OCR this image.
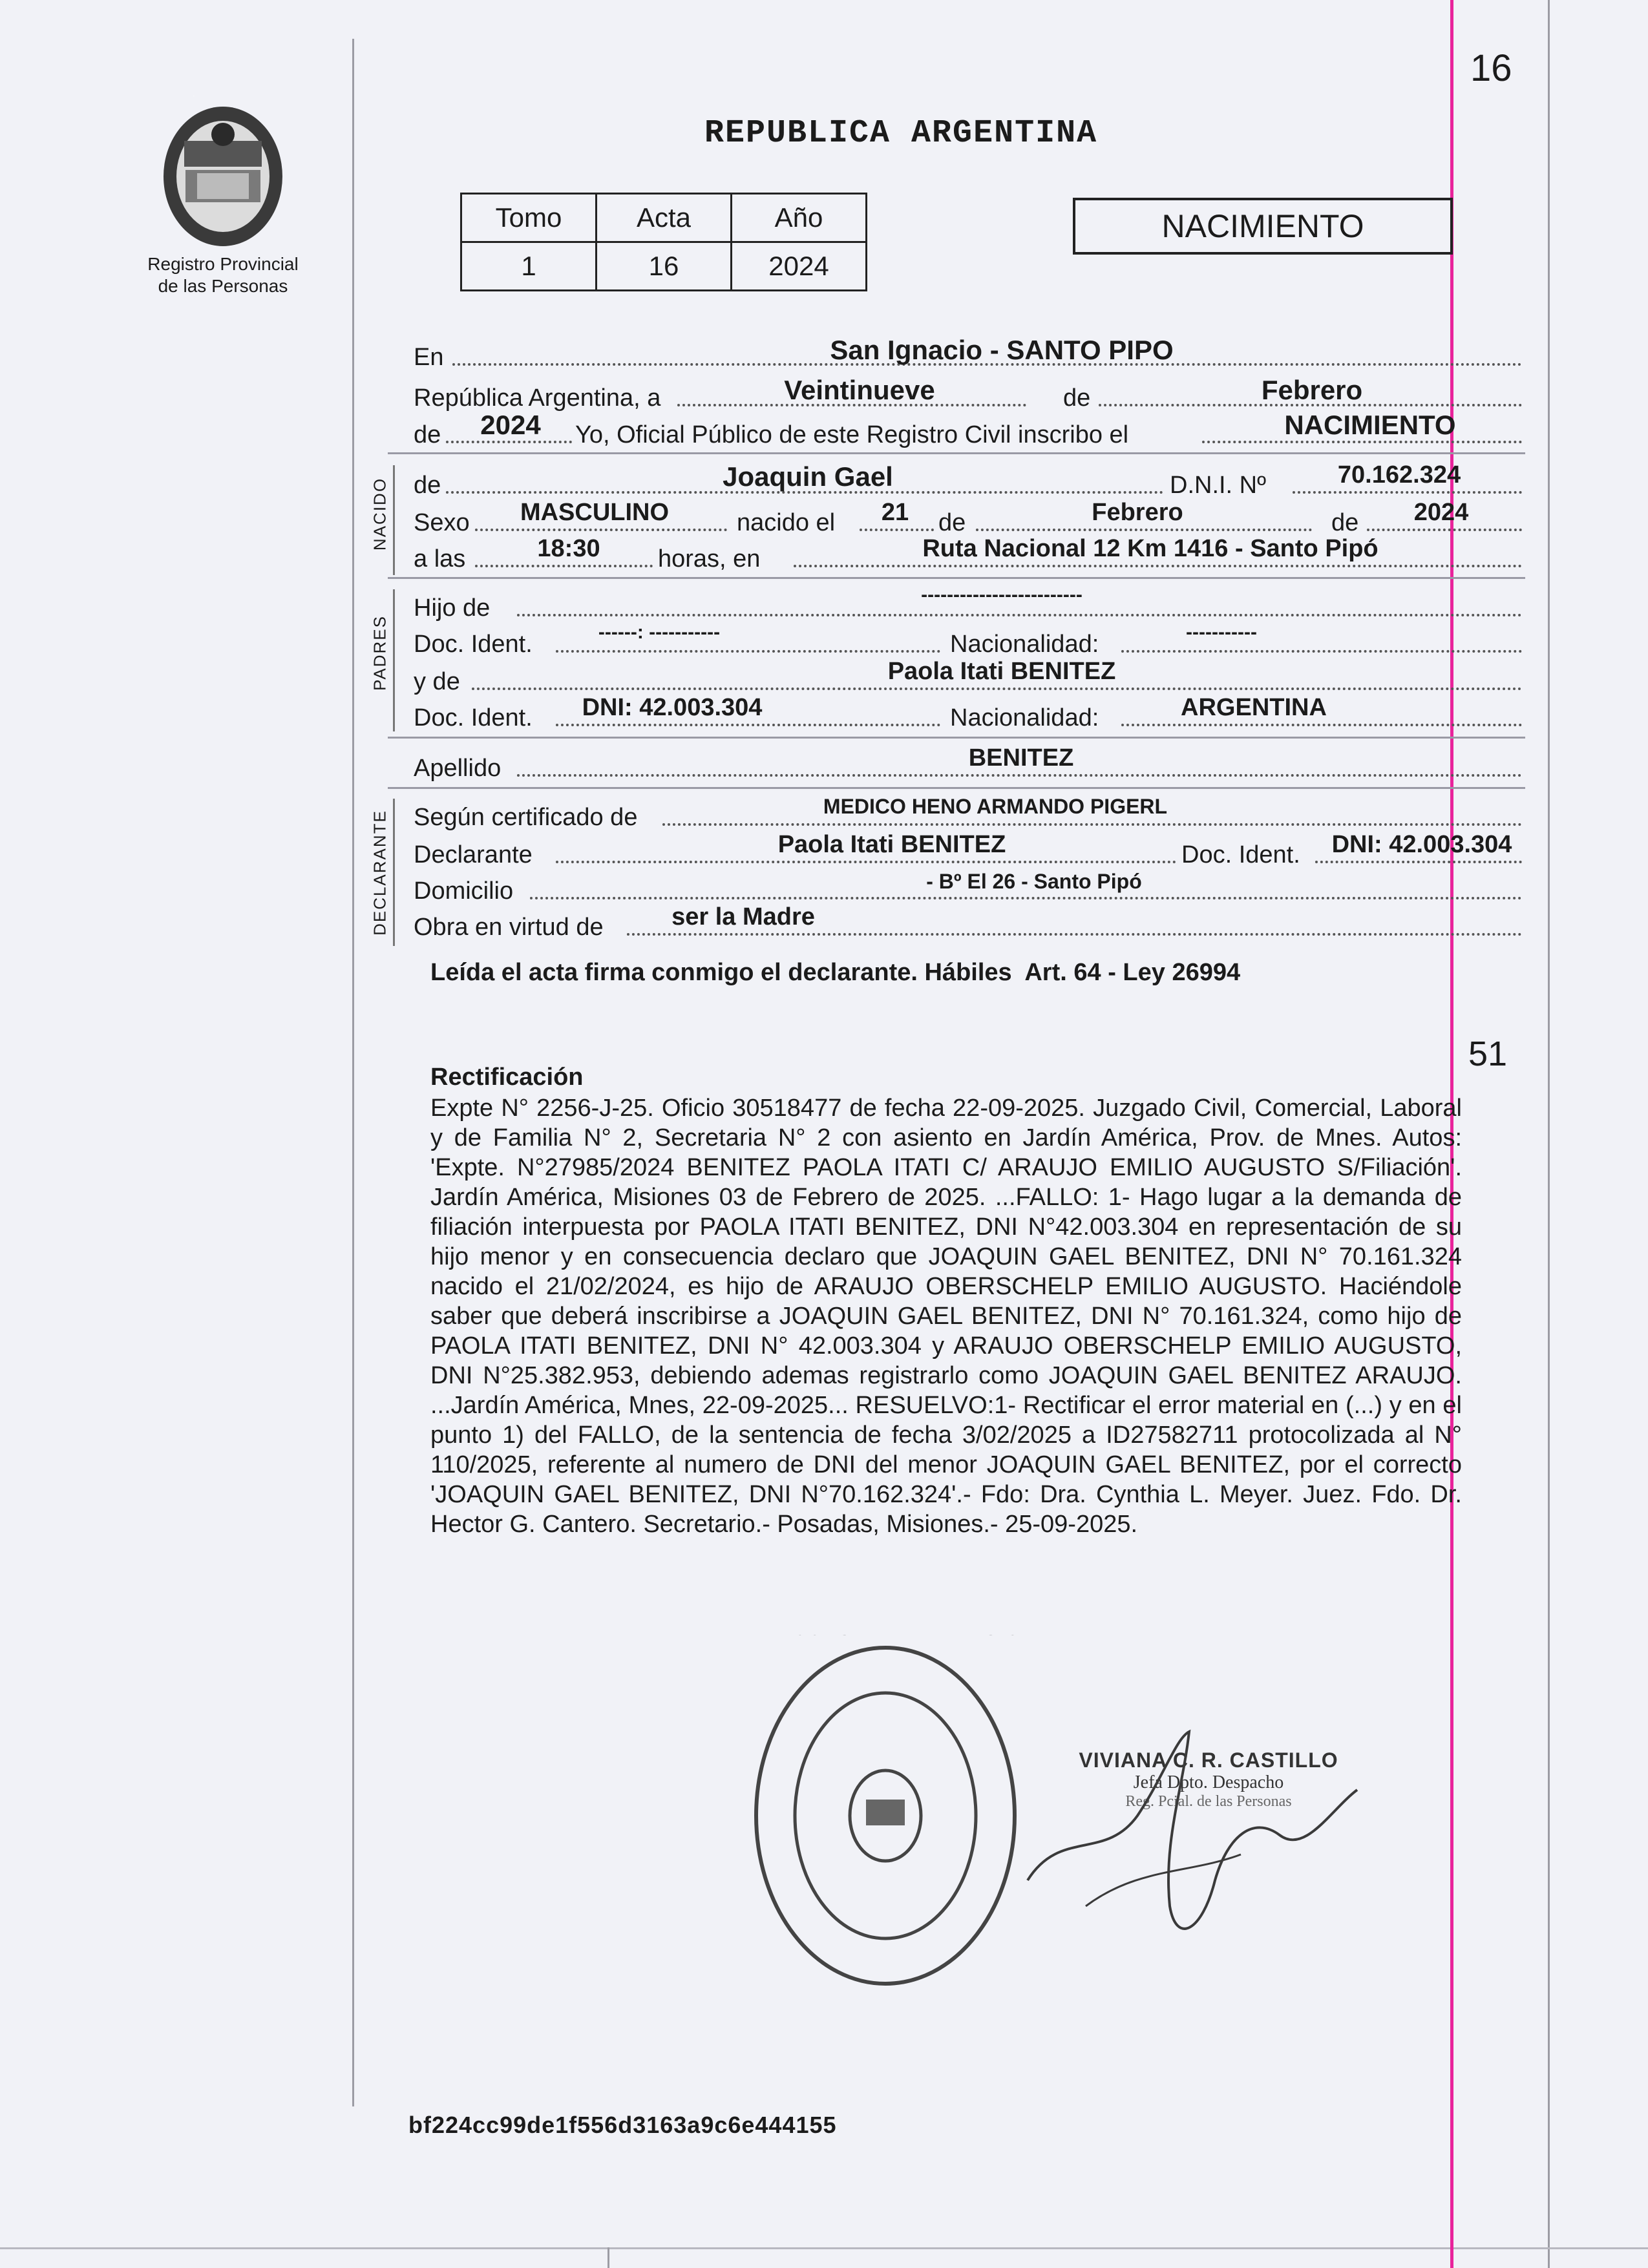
16
51
Registro Provincial
de las Personas
REPUBLICA ARGENTINA
Tomo	Acta	Año
1	16	2024
NACIMIENTO
En	San Ignacio - SANTO PIPO
República Argentina, a	Veintinueve	de	Febrero
de	2024	Yo, Oficial Público de este Registro Civil inscribo el	NACIMIENTO
NACIDO de	Joaquin Gael	D.N.I. Nº	70.162.324
Sexo	MASCULINO	nacido el	21	de	Febrero	de	2024
a las	18:30	horas, en	Ruta Nacional 12 Km 1416 - Santo Pipó
PADRES
Hijo de	-------------------------
Doc. Ident.	------: -----------	Nacionalidad:	-----------
y de	Paola Itati BENITEZ
Doc. Ident.	DNI: 42.003.304	Nacionalidad:	ARGENTINA
Apellido	BENITEZ
DECLARANTE Según certificado de	MEDICO HENO ARMANDO PIGERL
Declarante	Paola Itati BENITEZ	Doc. Ident.	DNI: 42.003.304
Domicilio	- Bº El 26 - Santo Pipó
Obra en virtud de	ser la Madre
Leída el acta firma conmigo el declarante. Hábiles  Art. 64 - Ley 26994
Rectificación
Expte N° 2256-J-25. Oficio 30518477 de fecha 22-09-2025. Juzgado Civil, Comercial, Laboral y de Familia N° 2, Secretaria N° 2 con asiento en Jardín América, Prov. de Mnes. Autos: 'Expte. N°27985/2024 BENITEZ PAOLA ITATI C/ ARAUJO EMILIO AUGUSTO S/Filiación'. Jardín América, Misiones 03 de Febrero de 2025. ...FALLO: 1- Hago lugar a la demanda de filiación interpuesta por PAOLA ITATI BENITEZ, DNI N°42.003.304 en representación de su hijo menor y en consecuencia declaro que JOAQUIN GAEL BENITEZ, DNI N° 70.161.324 nacido el 21/02/2024, es hijo de ARAUJO OBERSCHELP EMILIO AUGUSTO. Haciéndole saber que deberá inscribirse a JOAQUIN GAEL BENITEZ, DNI N° 70.161.324, como hijo de PAOLA ITATI BENITEZ, DNI N° 42.003.304 y ARAUJO OBERSCHELP EMILIO AUGUSTO, DNI N°25.382.953, debiendo ademas registrarlo como JOAQUIN GAEL BENITEZ ARAUJO. ...Jardín América, Mnes, 22-09-2025... RESUELVO:1- Rectificar el error material en (...) y en el punto 1) del FALLO, de la sentencia de fecha 3/02/2025 a ID27582711 protocolizada al N° 110/2025, referente al numero de DNI del menor JOAQUIN GAEL BENITEZ, por el correcto 'JOAQUIN GAEL BENITEZ, DNI N°70.162.324'.- Fdo: Dra. Cynthia L. Meyer. Juez. Fdo. Dr. Hector G. Cantero. Secretario.- Posadas, Misiones.- 25-09-2025.
VIVIANA C. R. CASTILLO
Jefa Dpto. Despacho
Reg. Pcial. de las Personas
bf224cc99de1f556d3163a9c6e444155
